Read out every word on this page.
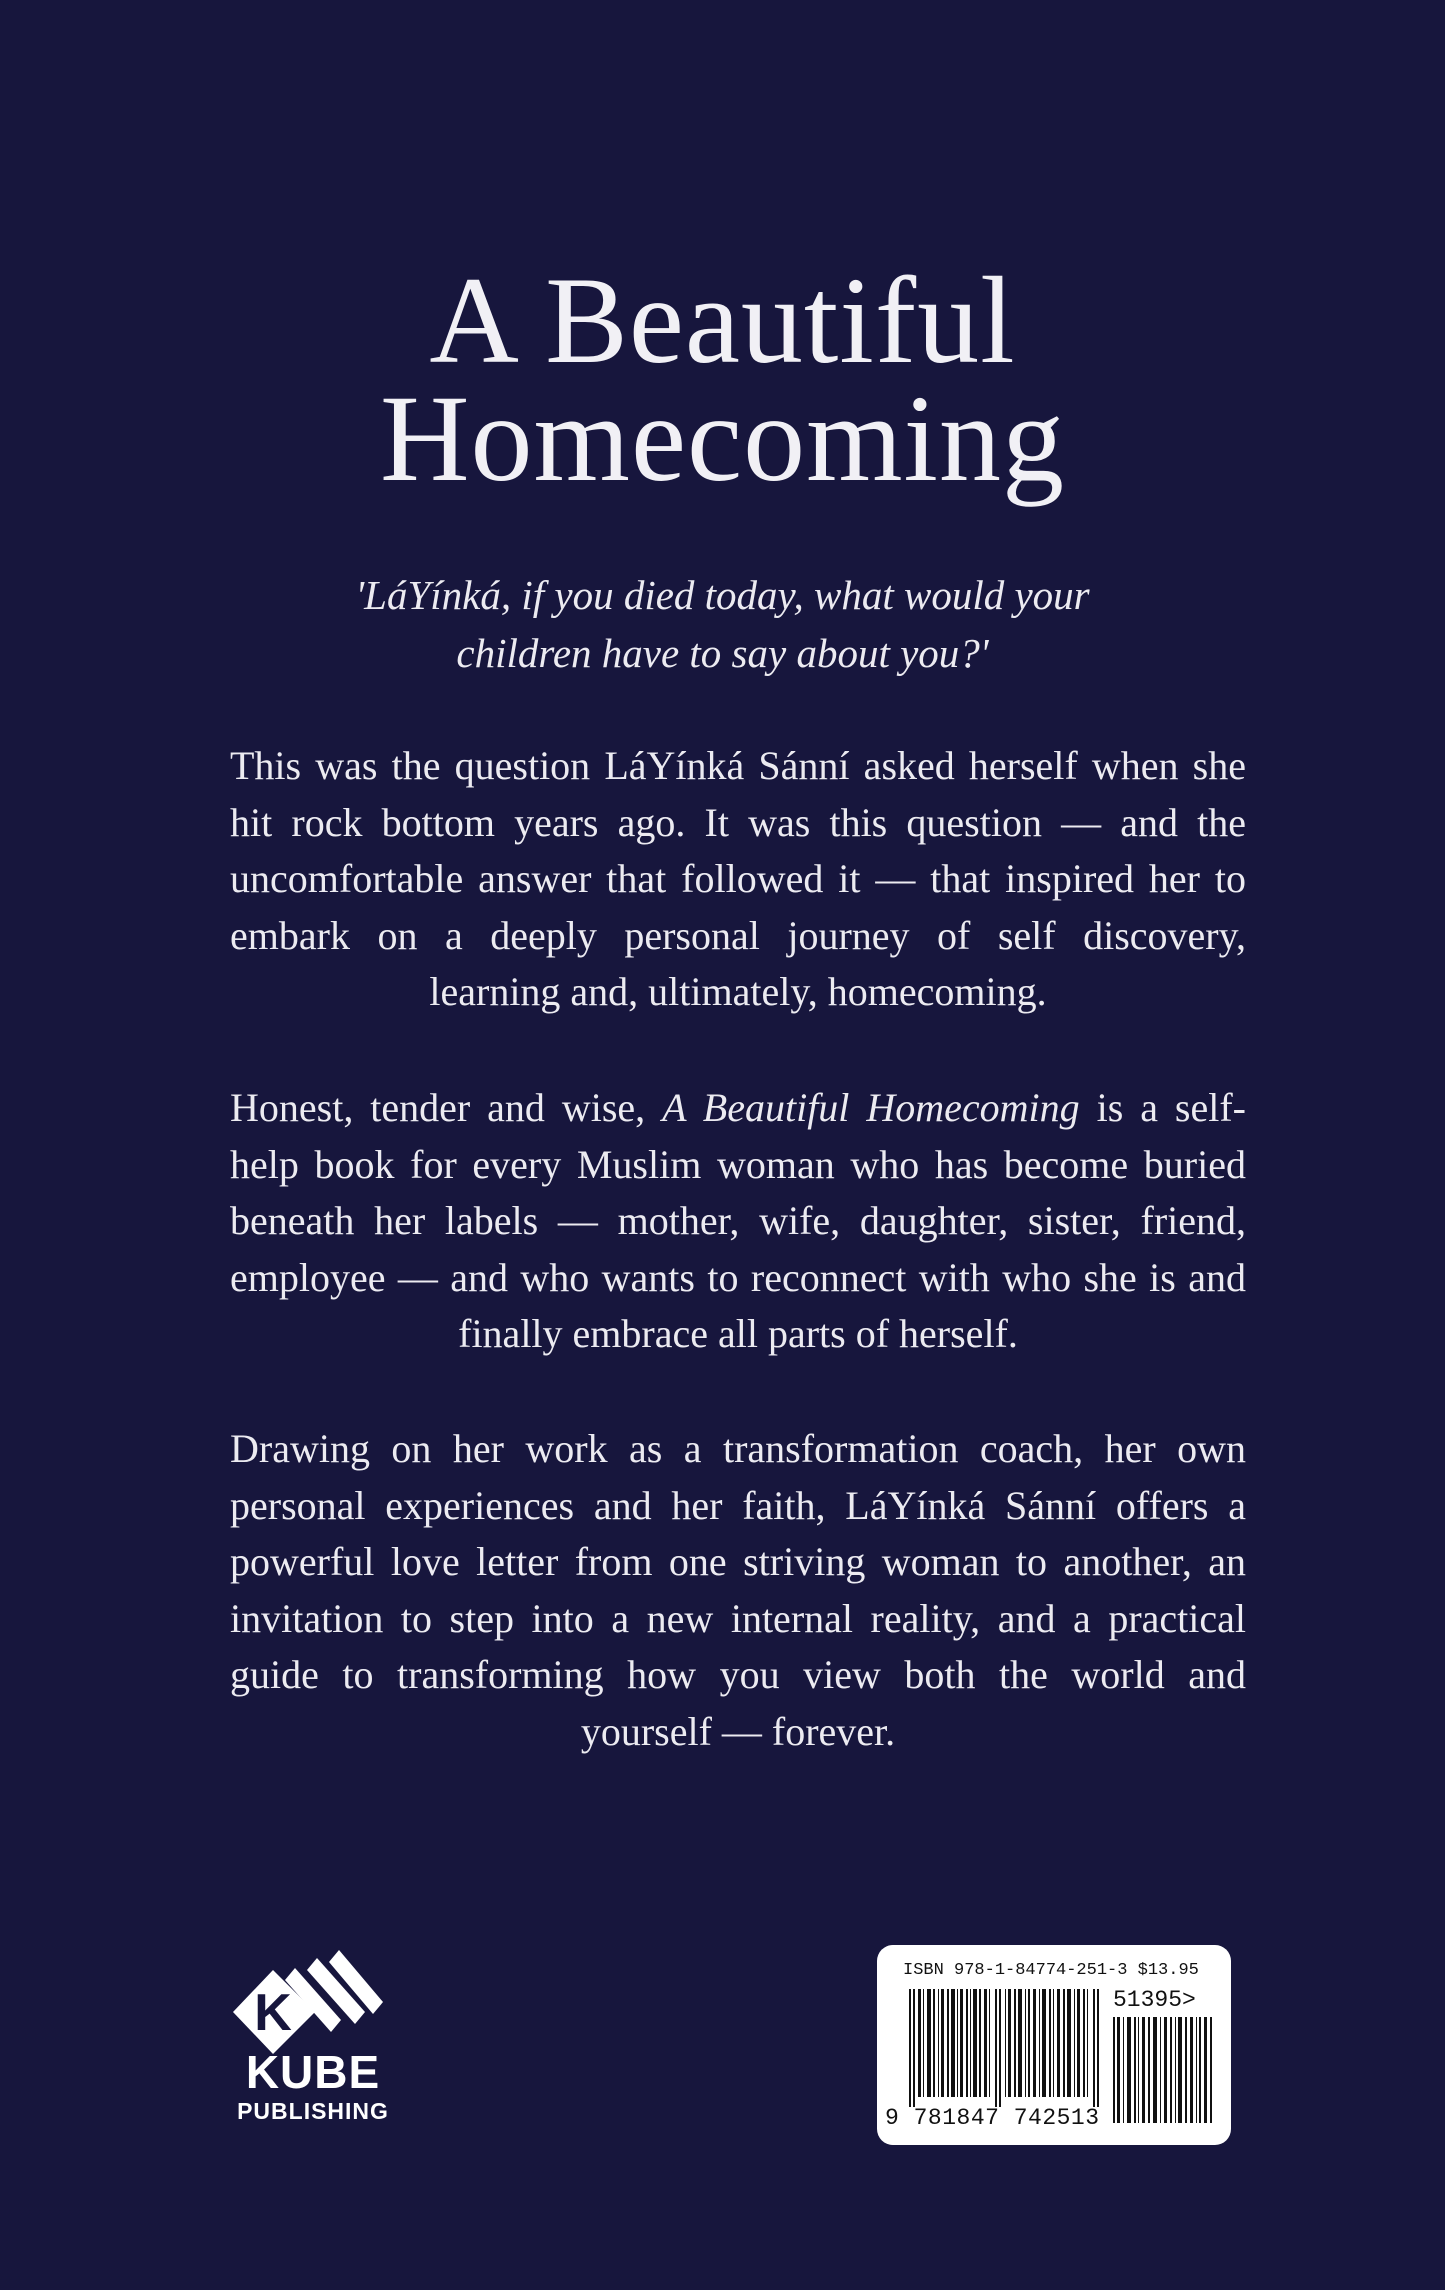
A Beautiful
Homecoming
'LáYínká, if you died today, what would your
children have to say about you?'

This was the question LáYínká Sánní asked herself when she hit rock bottom years ago. It was this question — and the uncomfortable answer that followed it — that inspired her to embark on a deeply personal journey of self discovery, learning and, ultimately, homecoming.

Honest, tender and wise, A Beautiful Homecoming is a self-help book for every Muslim woman who has become buried beneath her labels — mother, wife, daughter, sister, friend, employee — and who wants to reconnect with who she is and finally embrace all parts of herself.

Drawing on her work as a transformation coach, her own personal experiences and her faith, LáYínká Sánní offers a powerful love letter from one striving woman to another, an invitation to step into a new internal reality, and a practical guide to transforming how you view both the world and yourself — forever.

K
KUBE
PUBLISHING
ISBN 978-1-84774-251-3 $13.95
51395>
9 781847 742513
